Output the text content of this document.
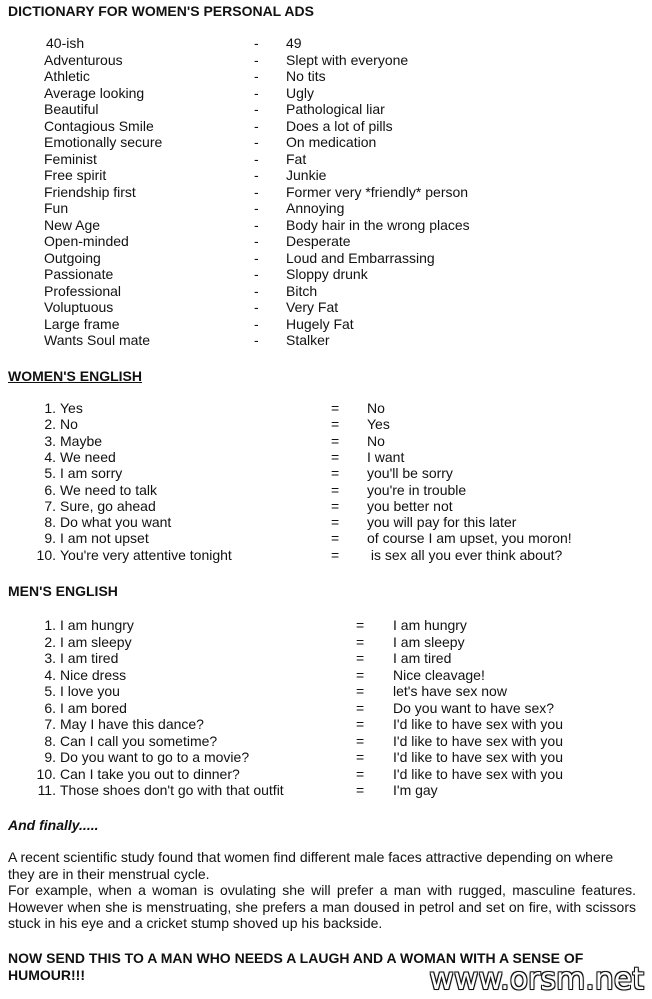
DICTIONARY FOR WOMEN'S PERSONAL ADS
40-ish	- 49
Adventurous	- Slept with everyone
Athletic	- No tits
Average looking	- Ugly
Beautiful	- Pathological liar
Contagious Smile	- Does a lot of pills
Emotionally secure	- On medication
Feminist	- Fat
Free spirit	- Junkie
Friendship first	- Former very *friendly* person
Fun	- Annoying
New Age	- Body hair in the wrong places
Open-minded	- Desperate
Outgoing	- Loud and Embarrassing
Passionate	- Sloppy drunk
Professional	- Bitch
Voluptuous	- Very Fat
Large frame	- Hugely Fat
Wants Soul mate	- Stalker
WOMEN'S ENGLISH
1. Yes	= No
2. No	= Yes
3. Maybe	= No
4. We need	= I want
5. I am sorry	= you'll be sorry
6. We need to talk	= you're in trouble
7. Sure, go ahead	= you better not
8. Do what you want	= you will pay for this later
9. I am not upset	= of course I am upset, you moron!
10. You're very attentive tonight	= is sex all you ever think about?
MEN'S ENGLISH
1. I am hungry	= I am hungry
2. I am sleepy	= I am sleepy
3. I am tired	= I am tired
4. Nice dress	= Nice cleavage!
5. I love you	= let's have sex now
6. I am bored	= Do you want to have sex?
7. May I have this dance?	= I'd like to have sex with you
8. Can I call you sometime?	= I'd like to have sex with you
9. Do you want to go to a movie?	= I'd like to have sex with you
10. Can I take you out to dinner?	= I'd like to have sex with you
11. Those shoes don't go with that outfit	= I'm gay
And finally.....
A recent scientific study found that women find different male faces attractive depending on where they are in their menstrual cycle.
For example, when a woman is ovulating she will prefer a man with rugged, masculine features. However when she is menstruating, she prefers a man doused in petrol and set on fire, with scissors stuck in his eye and a cricket stump shoved up his backside.
NOW SEND THIS TO A MAN WHO NEEDS A LAUGH AND A WOMAN WITH A SENSE OF HUMOUR!!!	www.orsm.net
